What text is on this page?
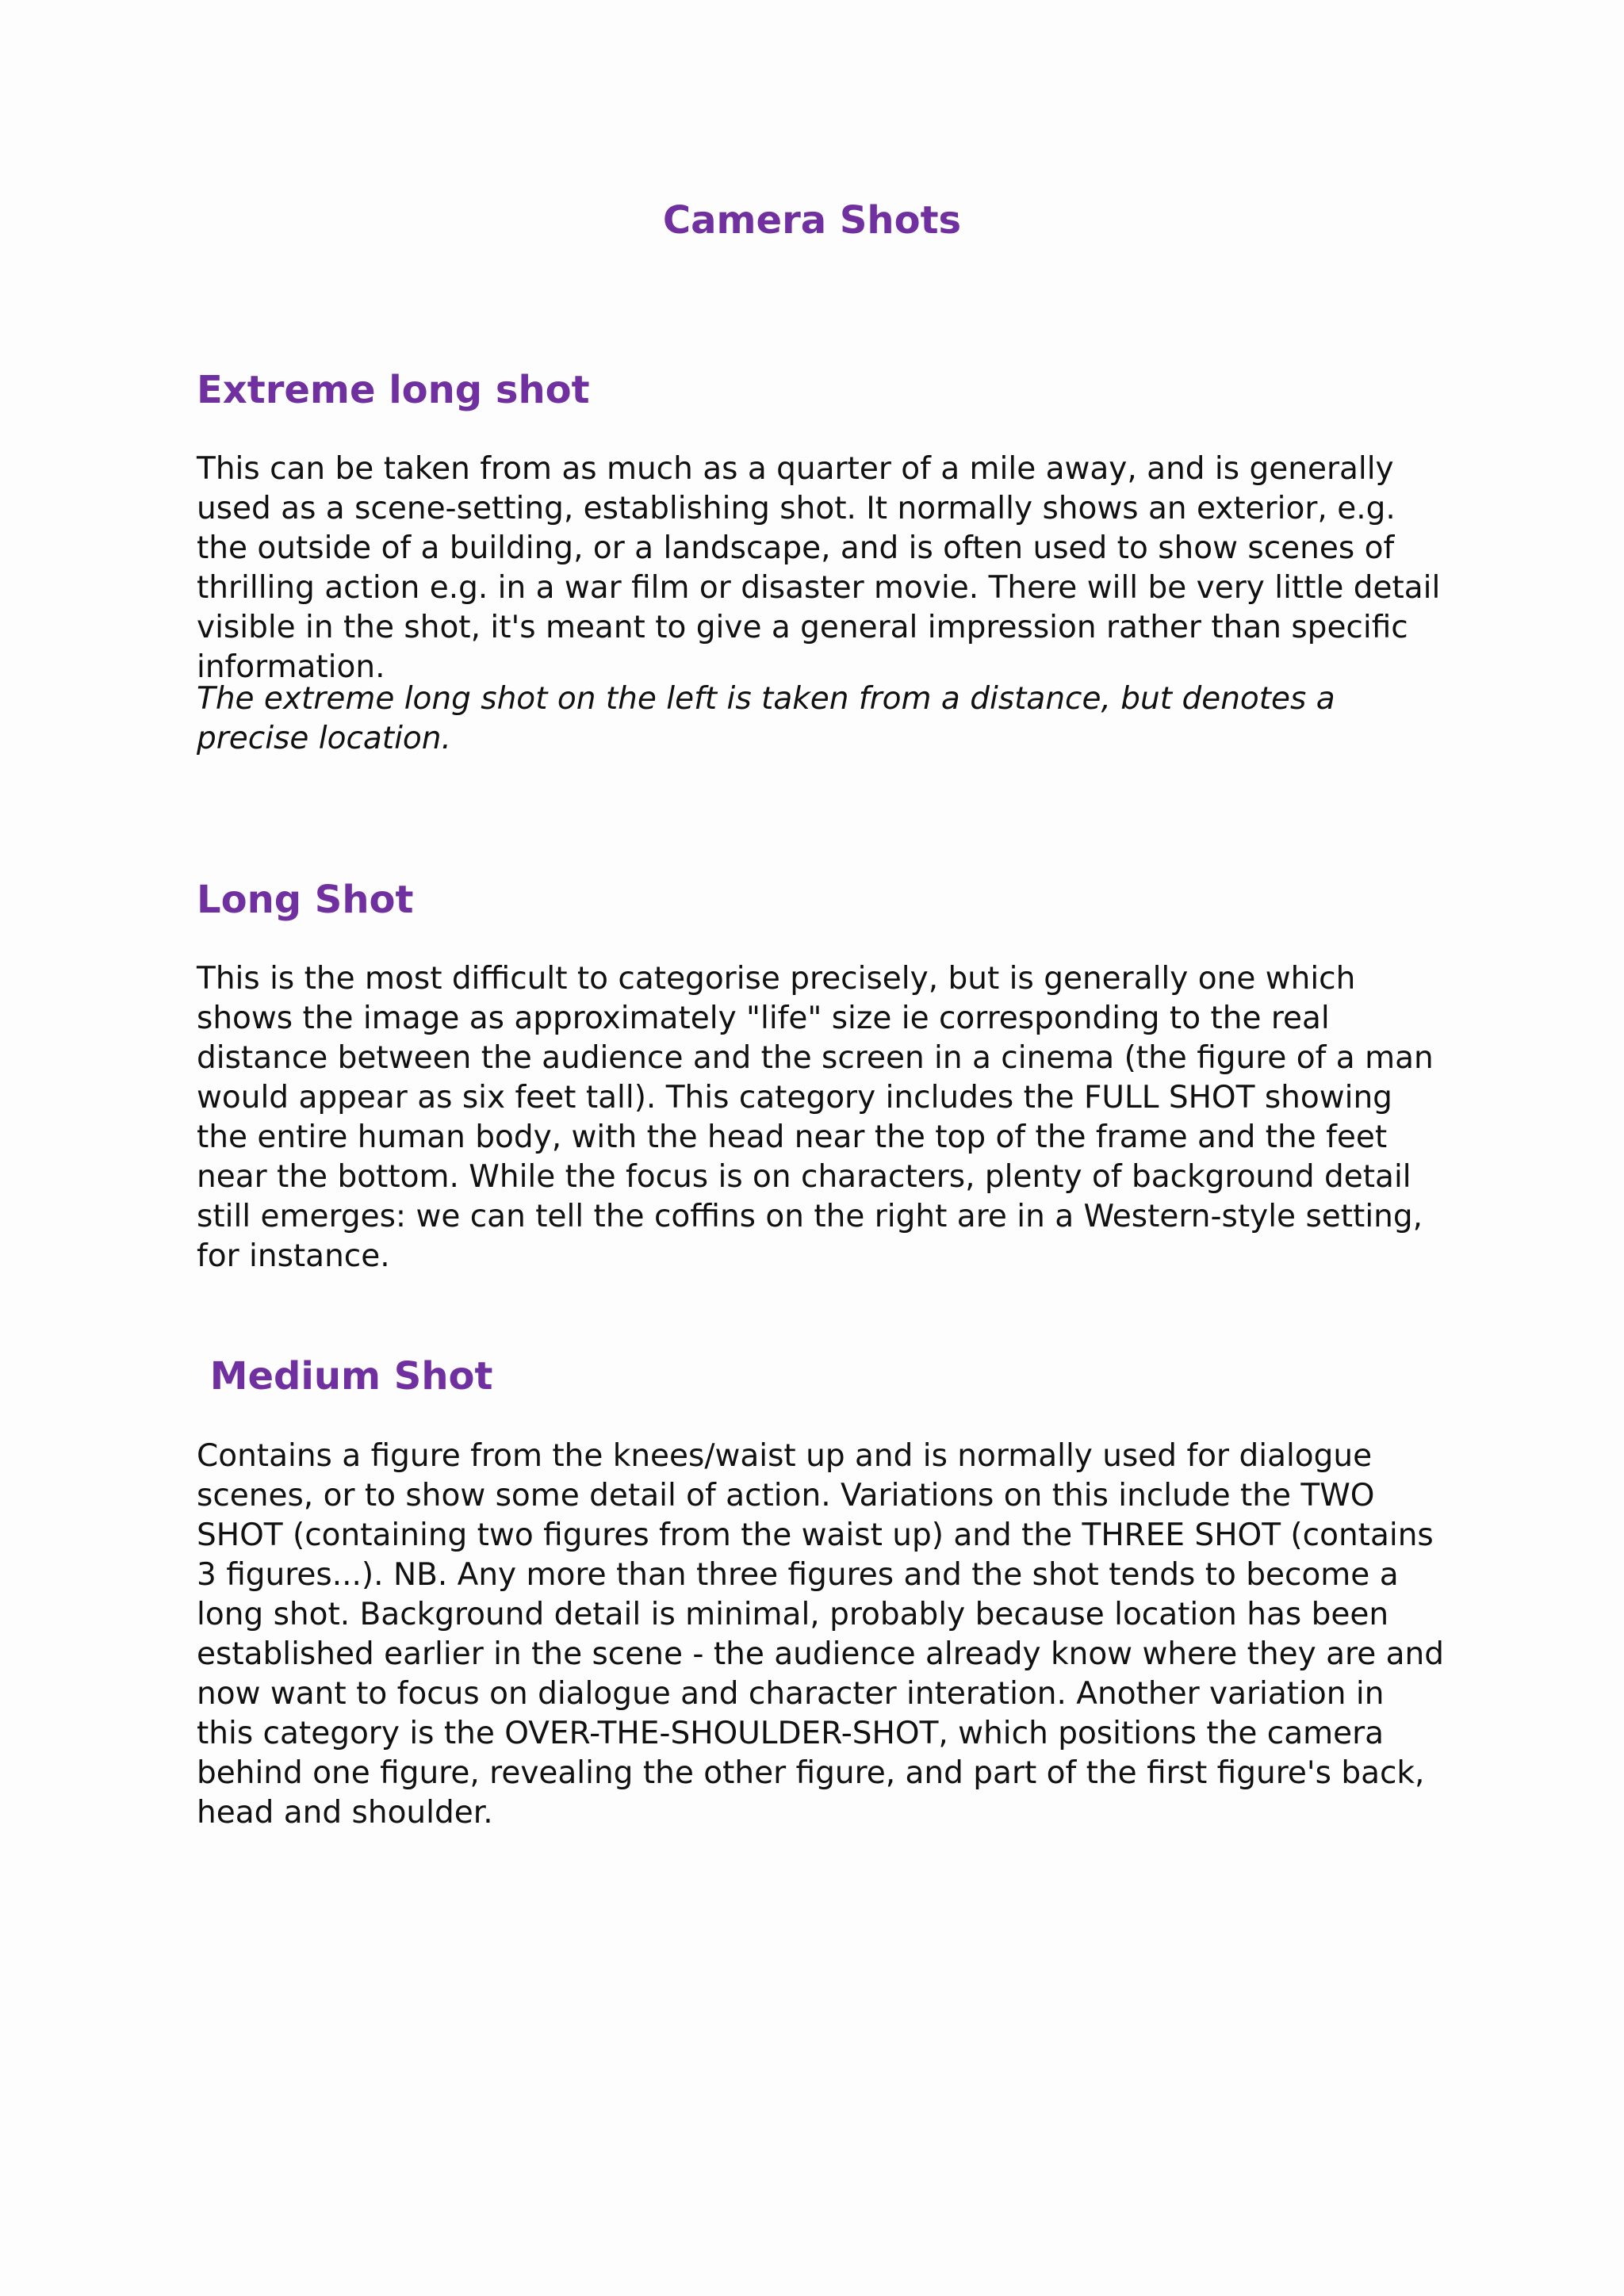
Camera Shots
Extreme long shot

This can be taken from as much as a quarter of a mile away, and is generally used as a scene-setting, establishing shot. It normally shows an exterior, e.g. the outside of a building, or a landscape, and is often used to show scenes of thrilling action e.g. in a war film or disaster movie. There will be very little detail visible in the shot, it's meant to give a general impression rather than specific information.

The extreme long shot on the left is taken from a distance, but denotes a precise location.

Long Shot

This is the most difficult to categorise precisely, but is generally one which shows the image as approximately "life" size ie corresponding to the real distance between the audience and the screen in a cinema (the figure of a man would appear as six feet tall). This category includes the FULL SHOT showing the entire human body, with the head near the top of the frame and the feet near the bottom. While the focus is on characters, plenty of background detail still emerges: we can tell the coffins on the right are in a Western-style setting, for instance.

Medium Shot

Contains a figure from the knees/waist up and is normally used for dialogue scenes, or to show some detail of action. Variations on this include the TWO SHOT (containing two figures from the waist up) and the THREE SHOT (contains 3 figures...). NB. Any more than three figures and the shot tends to become a long shot. Background detail is minimal, probably because location has been established earlier in the scene - the audience already know where they are and now want to focus on dialogue and character interation. Another variation in this category is the OVER-THE-SHOULDER-SHOT, which positions the camera behind one figure, revealing the other figure, and part of the first figure's back, head and shoulder.
